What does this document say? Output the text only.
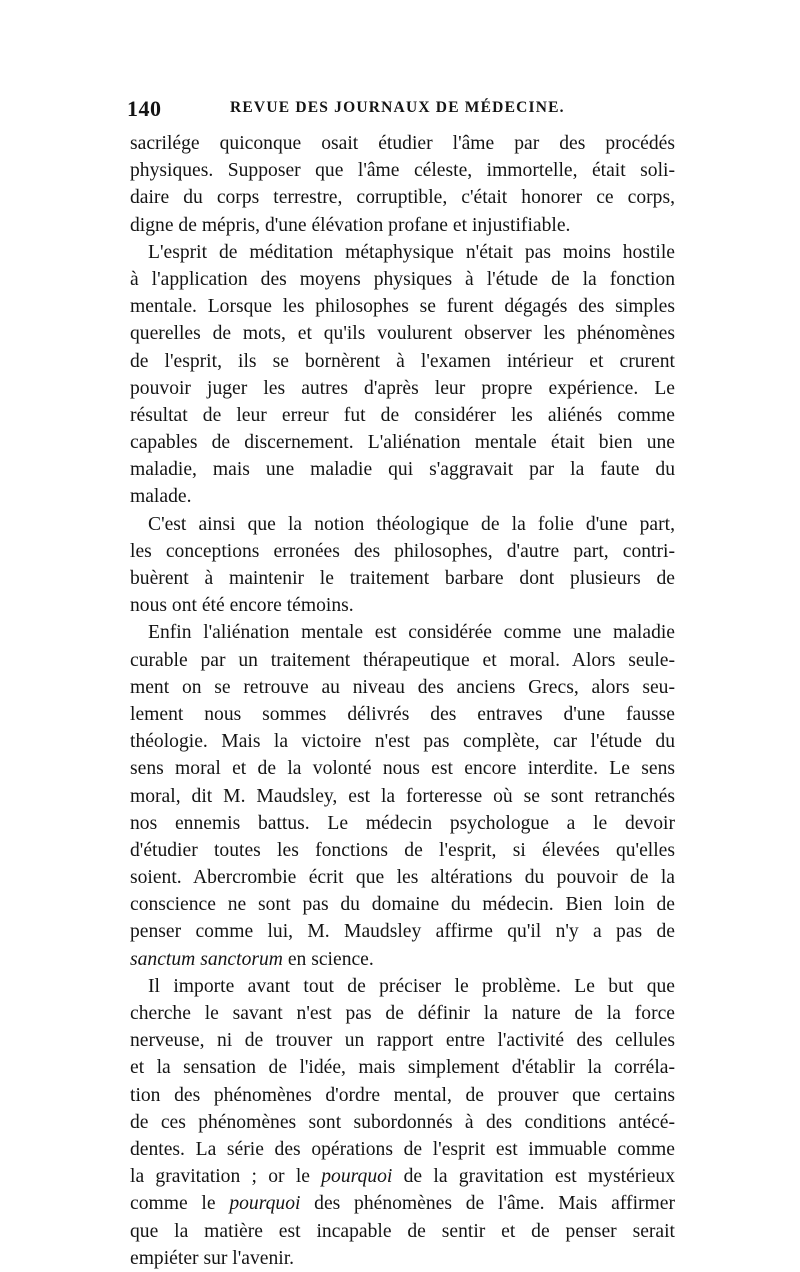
140	REVUE DES JOURNAUX DE MÉDECINE.
sacrilége quiconque osait étudier l'âme par des procédés
physiques. Supposer que l'âme céleste, immortelle, était soli-
daire du corps terrestre, corruptible, c'était honorer ce corps,
digne de mépris, d'une élévation profane et injustifiable.
L'esprit de méditation métaphysique n'était pas moins hostile
à l'application des moyens physiques à l'étude de la fonction
mentale. Lorsque les philosophes se furent dégagés des simples
querelles de mots, et qu'ils voulurent observer les phénomènes
de l'esprit, ils se bornèrent à l'examen intérieur et crurent
pouvoir juger les autres d'après leur propre expérience. Le
résultat de leur erreur fut de considérer les aliénés comme
capables de discernement. L'aliénation mentale était bien une
maladie, mais une maladie qui s'aggravait par la faute du
malade.
C'est ainsi que la notion théologique de la folie d'une part,
les conceptions erronées des philosophes, d'autre part, contri-
buèrent à maintenir le traitement barbare dont plusieurs de
nous ont été encore témoins.
Enfin l'aliénation mentale est considérée comme une maladie
curable par un traitement thérapeutique et moral. Alors seule-
ment on se retrouve au niveau des anciens Grecs, alors seu-
lement nous sommes délivrés des entraves d'une fausse
théologie. Mais la victoire n'est pas complète, car l'étude du
sens moral et de la volonté nous est encore interdite. Le sens
moral, dit M. Maudsley, est la forteresse où se sont retranchés
nos ennemis battus. Le médecin psychologue a le devoir
d'étudier toutes les fonctions de l'esprit, si élevées qu'elles
soient. Abercrombie écrit que les altérations du pouvoir de la
conscience ne sont pas du domaine du médecin. Bien loin de
penser comme lui, M. Maudsley affirme qu'il n'y a pas de
sanctum sanctorum en science.
Il importe avant tout de préciser le problème. Le but que
cherche le savant n'est pas de définir la nature de la force
nerveuse, ni de trouver un rapport entre l'activité des cellules
et la sensation de l'idée, mais simplement d'établir la corréla-
tion des phénomènes d'ordre mental, de prouver que certains
de ces phénomènes sont subordonnés à des conditions antécé-
dentes. La série des opérations de l'esprit est immuable comme
la gravitation ; or le pourquoi de la gravitation est mystérieux
comme le pourquoi des phénomènes de l'âme. Mais affirmer
que la matière est incapable de sentir et de penser serait
empiéter sur l'avenir.
